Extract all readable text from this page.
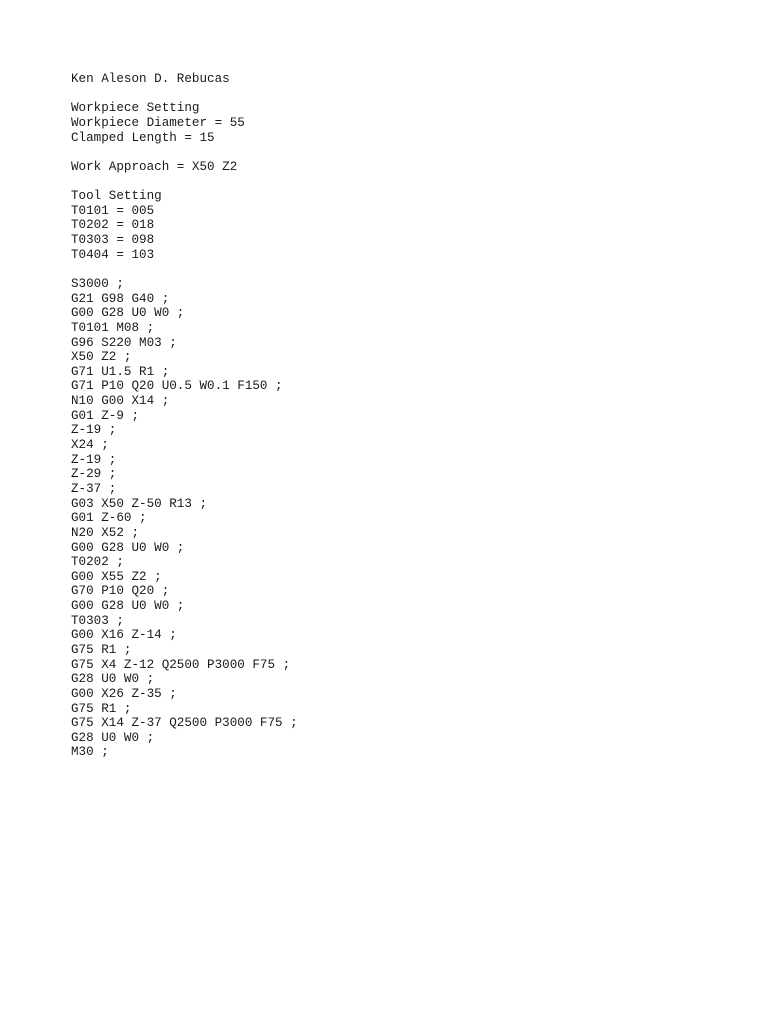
Ken Aleson D. Rebucas
Workpiece Setting
Workpiece Diameter = 55
Clamped Length = 15
Work Approach = X50 Z2
Tool Setting
T0101 = 005
T0202 = 018
T0303 = 098
T0404 = 103
S3000 ;
G21 G98 G40 ;
G00 G28 U0 W0 ;
T0101 M08 ;
G96 S220 M03 ;
X50 Z2 ;
G71 U1.5 R1 ;
G71 P10 Q20 U0.5 W0.1 F150 ;
N10 G00 X14 ;
G01 Z-9 ;
Z-19 ;
X24 ;
Z-19 ;
Z-29 ;
Z-37 ;
G03 X50 Z-50 R13 ;
G01 Z-60 ;
N20 X52 ;
G00 G28 U0 W0 ;
T0202 ;
G00 X55 Z2 ;
G70 P10 Q20 ;
G00 G28 U0 W0 ;
T0303 ;
G00 X16 Z-14 ;
G75 R1 ;
G75 X4 Z-12 Q2500 P3000 F75 ;
G28 U0 W0 ;
G00 X26 Z-35 ;
G75 R1 ;
G75 X14 Z-37 Q2500 P3000 F75 ;
G28 U0 W0 ;
M30 ;
